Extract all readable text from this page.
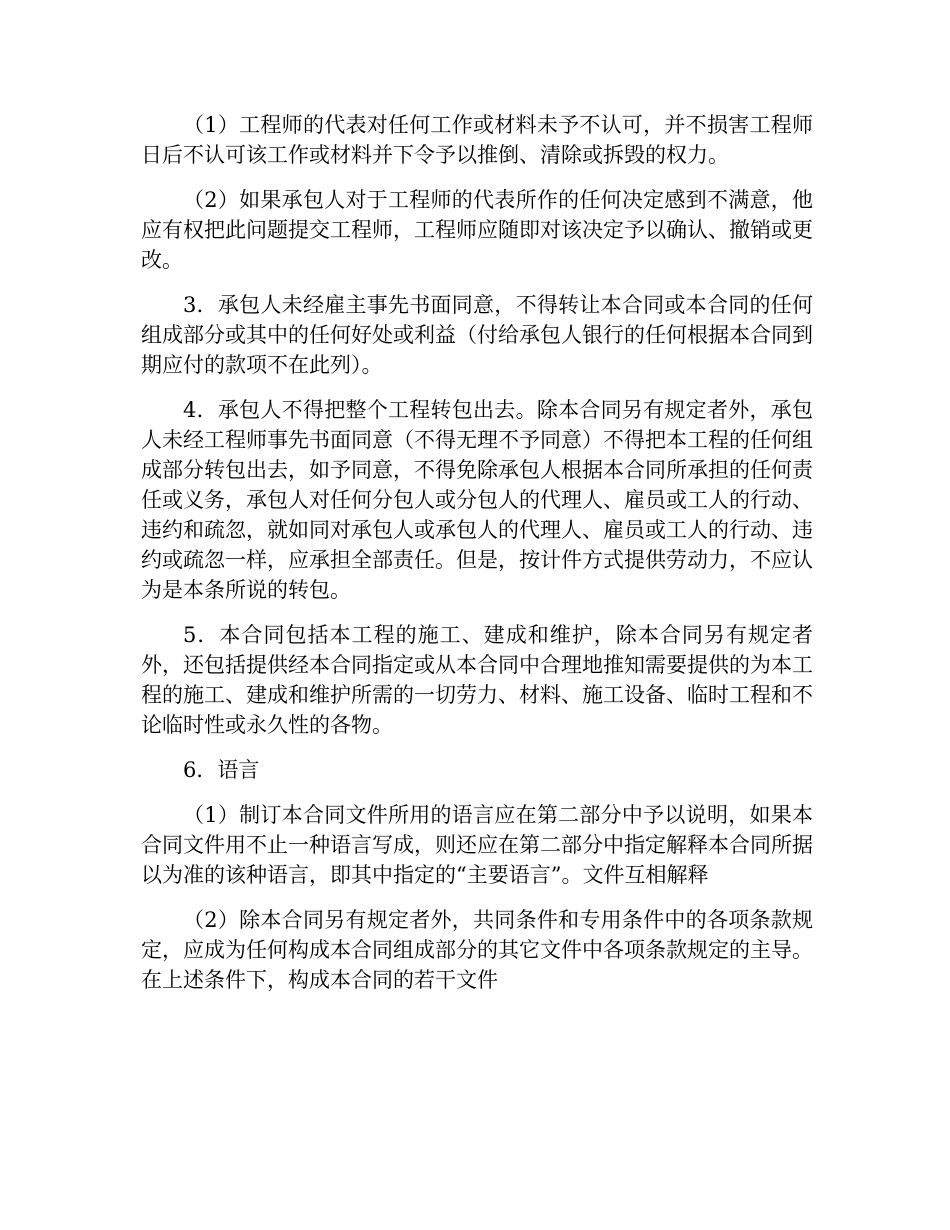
（1）工程师的代表对任何工作或材料未予不认可，并不损害工程师日后不认可该工作或材料并下令予以推倒、清除或拆毁的权力。

（2）如果承包人对于工程师的代表所作的任何决定感到不满意，他应有权把此问题提交工程师，工程师应随即对该决定予以确认、撤销或更改。

3．承包人未经雇主事先书面同意，不得转让本合同或本合同的任何组成部分或其中的任何好处或利益（付给承包人银行的任何根据本合同到期应付的款项不在此列）。

4．承包人不得把整个工程转包出去。除本合同另有规定者外，承包人未经工程师事先书面同意（不得无理不予同意）不得把本工程的任何组成部分转包出去，如予同意，不得免除承包人根据本合同所承担的任何责任或义务，承包人对任何分包人或分包人的代理人、雇员或工人的行动、违约和疏忽，就如同对承包人或承包人的代理人、雇员或工人的行动、违约或疏忽一样，应承担全部责任。但是，按计件方式提供劳动力，不应认为是本条所说的转包。

5．本合同包括本工程的施工、建成和维护，除本合同另有规定者外，还包括提供经本合同指定或从本合同中合理地推知需要提供的为本工程的施工、建成和维护所需的一切劳力、材料、施工设备、临时工程和不论临时性或永久性的各物。

6．语言

（1）制订本合同文件所用的语言应在第二部分中予以说明，如果本合同文件用不止一种语言写成，则还应在第二部分中指定解释本合同所据以为准的该种语言，即其中指定的“主要语言”。文件互相解释

（2）除本合同另有规定者外，共同条件和专用条件中的各项条款规定，应成为任何构成本合同组成部分的其它文件中各项条款规定的主导。在上述条件下，构成本合同的若干文件
